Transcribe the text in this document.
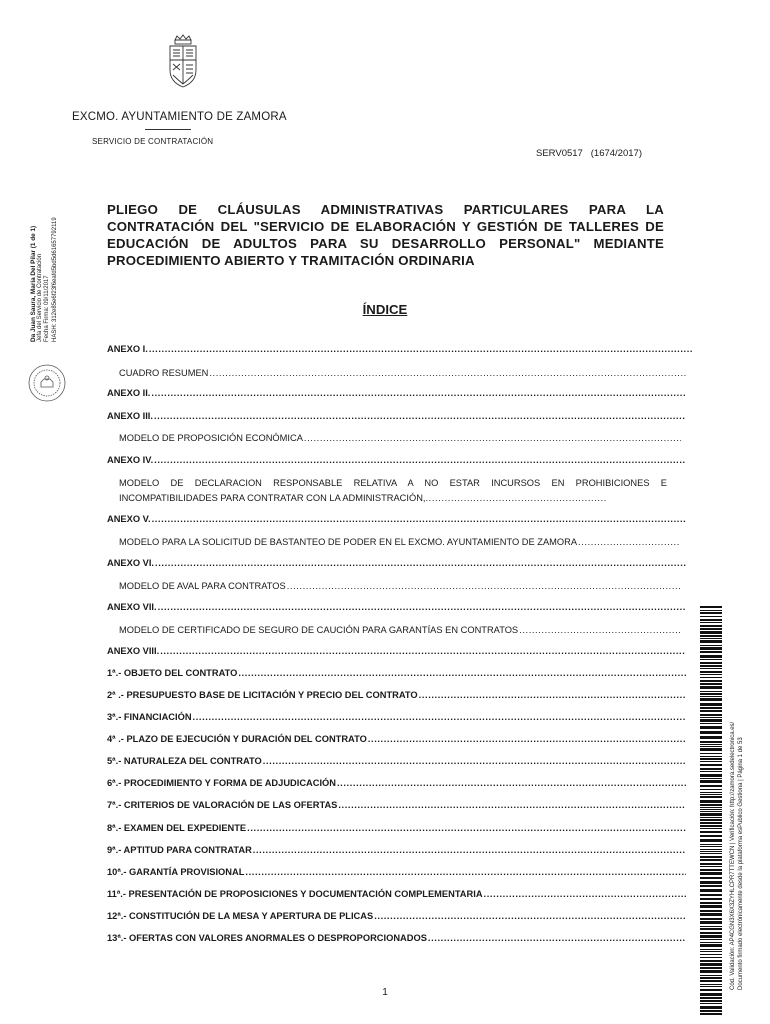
EXCMO. AYUNTAMIENTO DE ZAMORA
SERVICIO DE CONTRATACIÓN
SERV0517   (1674/2017)
Da Juan Saura, María Del Pilar (1 de 1) Jefa del Servicio de Contratación Fecha Firma: 09/11/2017 HASH: 312e85e6f23f6eafd5bd5d61657792119
Cód. Validación: AP4CGN3X6X3ZYHLCPR7TTEWCN | Verificación: http://zamora.sedelectronica.es/ Documento firmado electrónicamente desde la plataforma esPublico Gestiona | Página 1 de 53
PLIEGO DE CLÁUSULAS ADMINISTRATIVAS PARTICULARES PARA LA CONTRATACIÓN DEL "SERVICIO DE ELABORACIÓN Y GESTIÓN DE TALLERES DE EDUCACIÓN DE ADULTOS PARA SU DESARROLLO PERSONAL" MEDIANTE PROCEDIMIENTO ABIERTO Y TRAMITACIÓN ORDINARIA
ÍNDICE
ANEXO I.
.....
CUADRO RESUMEN
.....
ANEXO II.
.....
ANEXO III.
.....
MODELO DE PROPOSICIÓN ECONÓMICA
.....
ANEXO IV.
.....
MODELO DE DECLARACION RESPONSABLE RELATIVA A NO ESTAR INCURSOS EN PROHIBICIONES E INCOMPATIBILIDADES PARA CONTRATAR CON LA ADMINISTRACIÓN,.........................................................
ANEXO V.
.....
MODELO PARA LA SOLICITUD DE BASTANTEO DE PODER EN EL EXCMO. AYUNTAMIENTO DE ZAMORA
.....
ANEXO VI.
.....
MODELO DE AVAL PARA CONTRATOS
.....
ANEXO VII.
.....
MODELO DE CERTIFICADO DE SEGURO DE CAUCIÓN PARA GARANTÍAS EN CONTRATOS
.....
ANEXO VIII.
.....
1ª.- OBJETO DEL CONTRATO
.....
2ª .- PRESUPUESTO BASE DE LICITACIÓN Y PRECIO DEL CONTRATO
.....
3ª.- FINANCIACIÓN
.....
4ª .- PLAZO DE EJECUCIÓN Y DURACIÓN DEL CONTRATO
.....
5ª.- NATURALEZA DEL CONTRATO
.....
6ª.- PROCEDIMIENTO Y FORMA DE ADJUDICACIÓN
.....
7ª.- CRITERIOS DE VALORACIÓN DE LAS OFERTAS
.....
8ª.- EXAMEN DEL EXPEDIENTE
.....
9ª.- APTITUD PARA CONTRATAR
.....
10ª.- GARANTÍA PROVISIONAL
.....
11ª.- PRESENTACIÓN DE PROPOSICIONES Y DOCUMENTACIÓN COMPLEMENTARIA
.....
12ª.- CONSTITUCIÓN DE LA MESA Y APERTURA DE PLICAS
.....
13ª.- OFERTAS CON VALORES ANORMALES O DESPROPORCIONADOS
.....
1
